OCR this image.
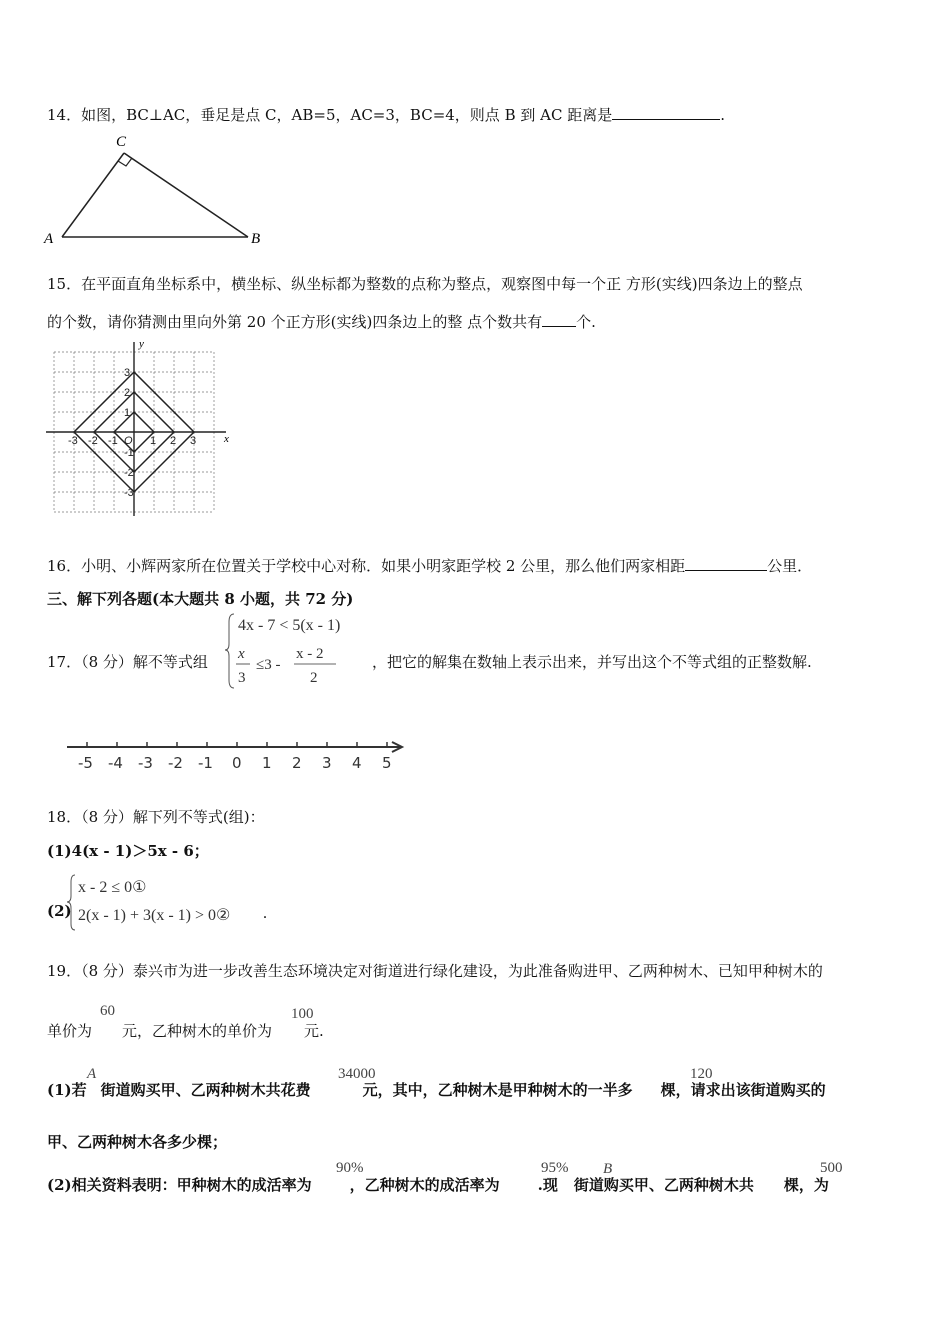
14．如图，BC⊥AC，垂足是点 C，AB=5，AC=3，BC=4，则点 B 到 AC 距离是	.
A	B
C
15．在平面直角坐标系中，横坐标、纵坐标都为整数的点称为整点，观察图中每一个正 方形(实线)四条边上的整点
的个数，请你猜测由里向外第 20 个正方形(实线)四条边上的整 点个数共有 个.
x
y
-3 -2 -1 O 1 2 3
3
2
1
-1
-2
-3
16．小明、小辉两家所在位置关于学校中心对称．如果小明家距学校 2 公里，那么他们两家相距	公里．
三、解下列各题(本大题共 8 小题，共 72 分)
17．（8 分）解不等式组
4x - 7 < 5(x - 1)
x
3
≤3 -
x - 2
2
，把它的解集在数轴上表示出来，并写出这个不等式组的正整数解.
-5 -4 -3 -2 -1 0 1 2 3 4 5
18．（8 分）解下列不等式(组)：
(1)4(x - 1)＞5x - 6；
(2)
x - 2 ≤ 0①
2(x - 1) + 3(x - 1) > 0② .
19．（8 分）泰兴市为进一步改善生态环境决定对街道进行绿化建设，为此准备购进甲、乙两种树木、已知甲种树木的
单价为 元，乙种树木的单价为 元.
60	100
(1)若 街道购买甲、乙两种树木共花费	元，其中，乙种树木是甲种树木的一半多 棵，请求出该街道购买的
A	34000	120
甲、乙两种树木各多少棵；
(2)相关资料表明：甲种树木的成活率为	，乙种树木的成活率为	.现 街道购买甲、乙两种树木共 棵，为
90%	95% B	500
